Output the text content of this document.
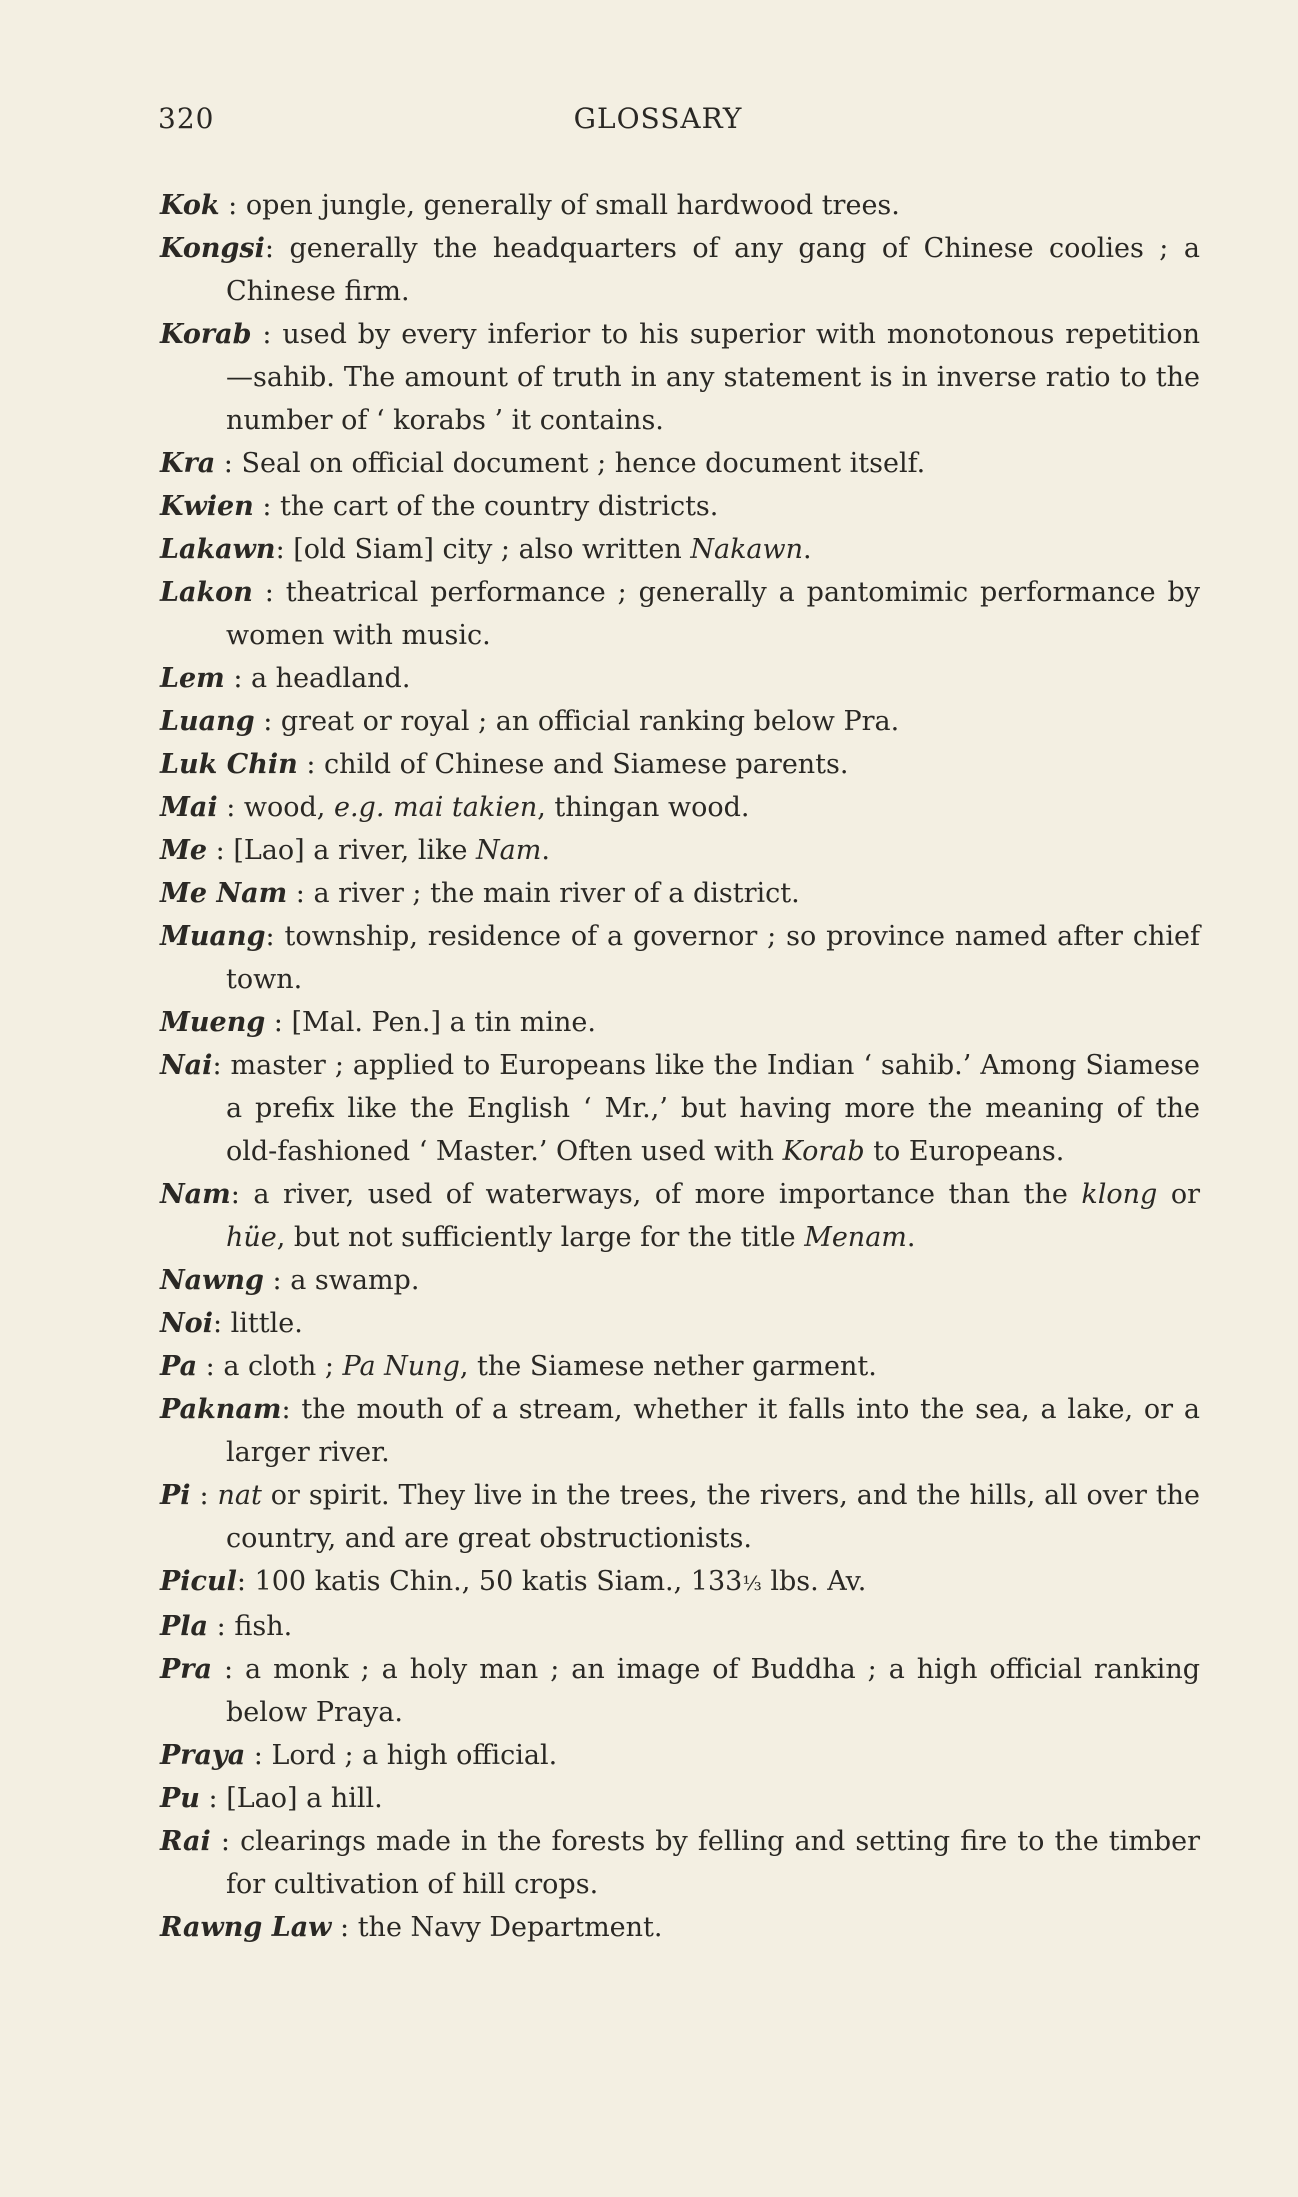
320	GLOSSARY
Kok : open jungle, generally of small hardwood trees.
Kongsi: generally the headquarters of any gang of Chinese coolies ; a Chinese firm.
Korab : used by every inferior to his superior with monotonous repetition—sahib. The amount of truth in any statement is in inverse ratio to the number of ‘ korabs ’ it contains.
Kra : Seal on official document ; hence document itself.
Kwien : the cart of the country districts.
Lakawn: [old Siam] city ; also written Nakawn.
Lakon : theatrical performance ; generally a pantomimic performance by women with music.
Lem : a headland.
Luang : great or royal ; an official ranking below Pra.
Luk Chin : child of Chinese and Siamese parents.
Mai : wood, e.g. mai takien, thingan wood.
Me : [Lao] a river, like Nam.
Me Nam : a river ; the main river of a district.
Muang: township, residence of a governor ; so province named after chief town.
Mueng : [Mal. Pen.] a tin mine.
Nai: master ; applied to Europeans like the Indian ‘ sahib.’ Among Siamese a prefix like the English ‘ Mr.,’ but having more the meaning of the old-fashioned ‘ Master.’ Often used with Korab to Europeans.
Nam: a river, used of waterways, of more importance than the klong or hüe, but not sufficiently large for the title Menam.
Nawng : a swamp.
Noi: little.
Pa : a cloth ; Pa Nung, the Siamese nether garment.
Paknam: the mouth of a stream, whether it falls into the sea, a lake, or a larger river.
Pi : nat or spirit. They live in the trees, the rivers, and the hills, all over the country, and are great obstructionists.
Picul: 100 katis Chin., 50 katis Siam., 133⅓ lbs. Av.
Pla : fish.
Pra : a monk ; a holy man ; an image of Buddha ; a high official ranking below Praya.
Praya : Lord ; a high official.
Pu : [Lao] a hill.
Rai : clearings made in the forests by felling and setting fire to the timber for cultivation of hill crops.
Rawng Law : the Navy Department.
